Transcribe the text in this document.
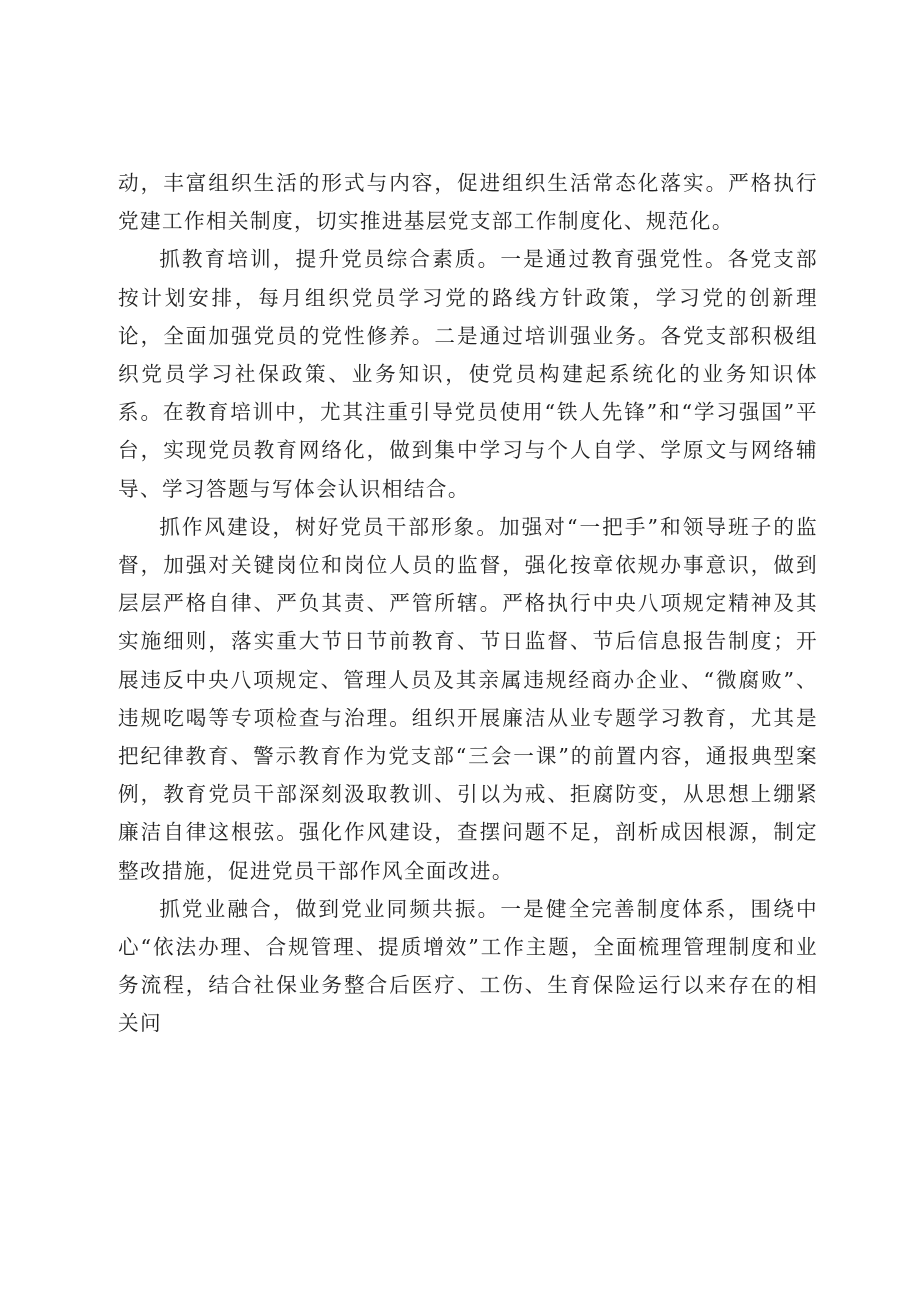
动，丰富组织生活的形式与内容，促进组织生活常态化落实。严格执行党建工作相关制度，切实推进基层党支部工作制度化、规范化。

抓教育培训，提升党员综合素质。一是通过教育强党性。各党支部按计划安排，每月组织党员学习党的路线方针政策，学习党的创新理论，全面加强党员的党性修养。二是通过培训强业务。各党支部积极组织党员学习社保政策、业务知识，使党员构建起系统化的业务知识体系。在教育培训中，尤其注重引导党员使用“铁人先锋”和“学习强国”平台，实现党员教育网络化，做到集中学习与个人自学、学原文与网络辅导、学习答题与写体会认识相结合。

抓作风建设，树好党员干部形象。加强对“一把手”和领导班子的监督，加强对关键岗位和岗位人员的监督，强化按章依规办事意识，做到层层严格自律、严负其责、严管所辖。严格执行中央八项规定精神及其实施细则，落实重大节日节前教育、节日监督、节后信息报告制度；开展违反中央八项规定、管理人员及其亲属违规经商办企业、“微腐败”、违规吃喝等专项检查与治理。组织开展廉洁从业专题学习教育，尤其是把纪律教育、警示教育作为党支部“三会一课”的前置内容，通报典型案例，教育党员干部深刻汲取教训、引以为戒、拒腐防变，从思想上绷紧廉洁自律这根弦。强化作风建设，查摆问题不足，剖析成因根源，制定整改措施，促进党员干部作风全面改进。

抓党业融合，做到党业同频共振。一是健全完善制度体系，围绕中心“依法办理、合规管理、提质增效”工作主题，全面梳理管理制度和业务流程，结合社保业务整合后医疗、工伤、生育保险运行以来存在的相关问
